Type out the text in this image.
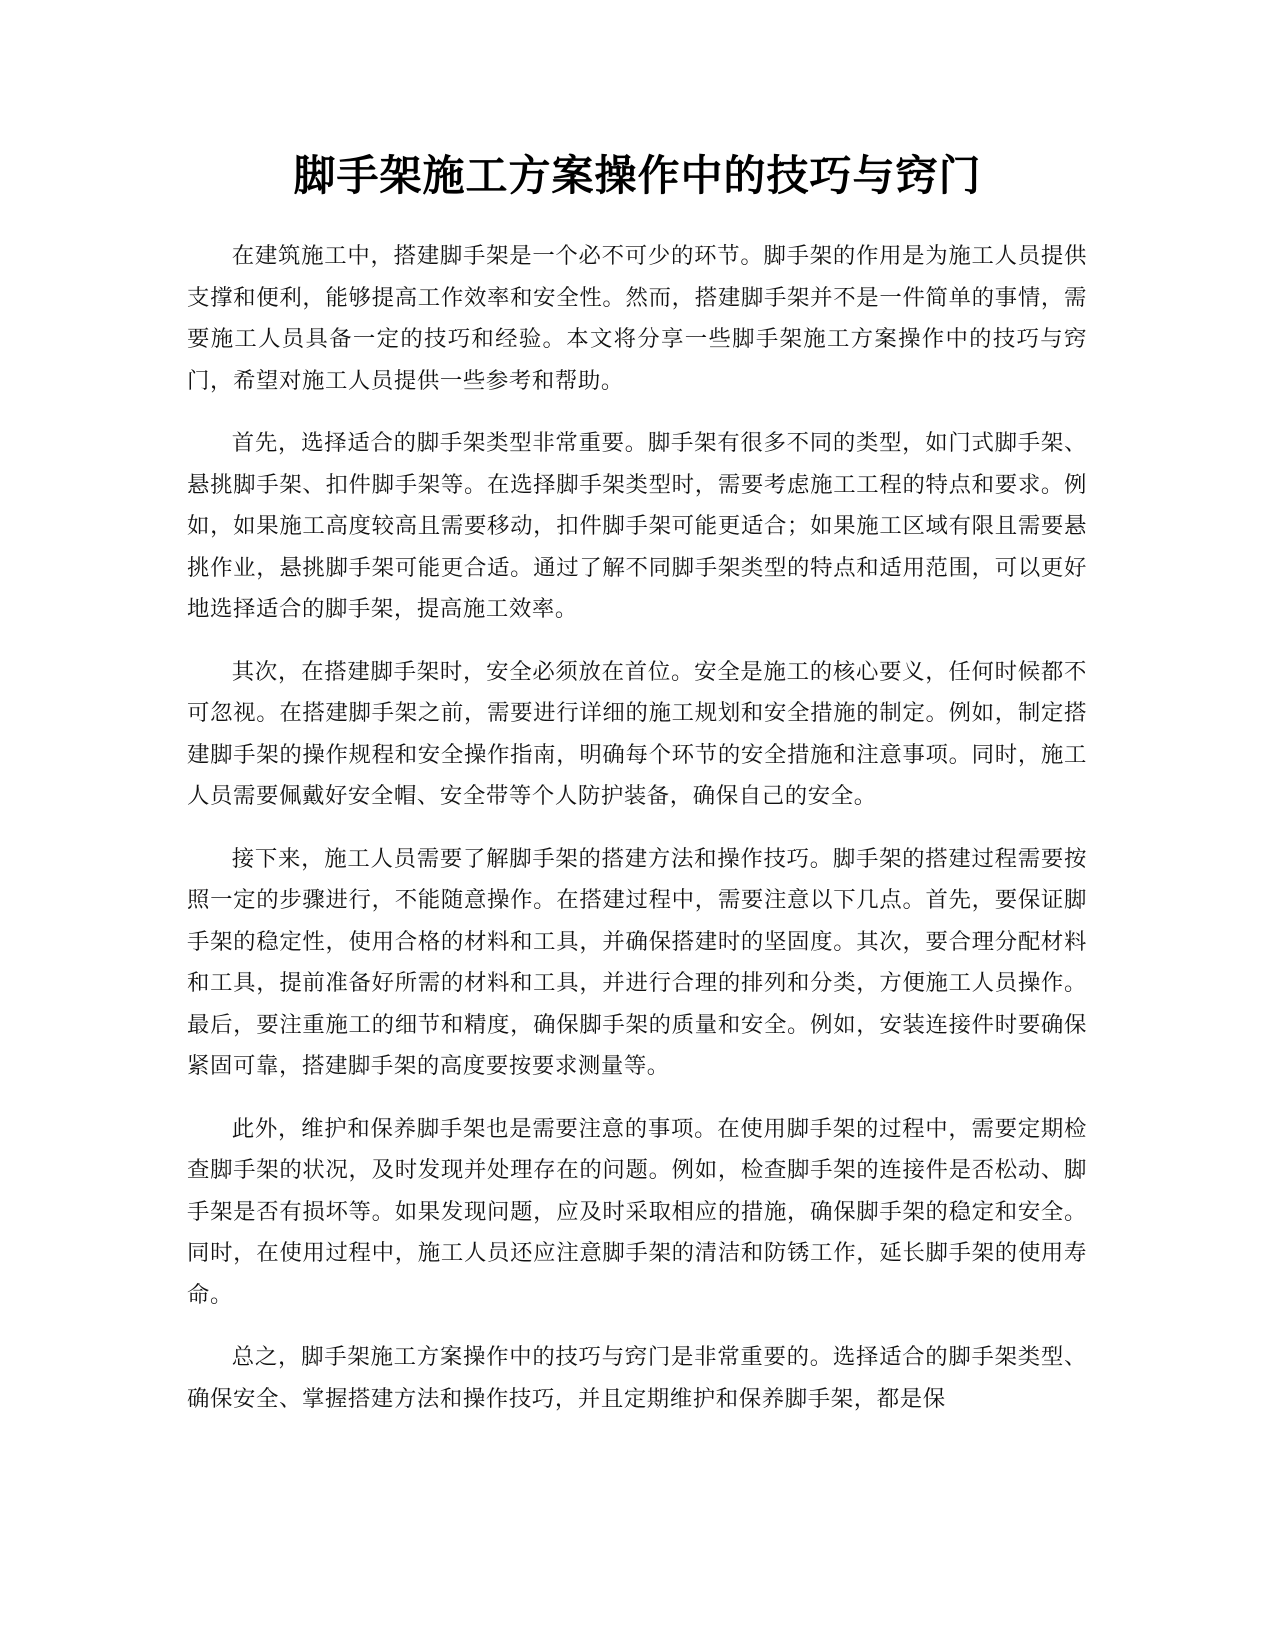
脚手架施工方案操作中的技巧与窍门

在建筑施工中，搭建脚手架是一个必不可少的环节。脚手架的作用是为施工人员提供支撑和便利，能够提高工作效率和安全性。然而，搭建脚手架并不是一件简单的事情，需要施工人员具备一定的技巧和经验。本文将分享一些脚手架施工方案操作中的技巧与窍门，希望对施工人员提供一些参考和帮助。

首先，选择适合的脚手架类型非常重要。脚手架有很多不同的类型，如门式脚手架、悬挑脚手架、扣件脚手架等。在选择脚手架类型时，需要考虑施工工程的特点和要求。例如，如果施工高度较高且需要移动，扣件脚手架可能更适合；如果施工区域有限且需要悬挑作业，悬挑脚手架可能更合适。通过了解不同脚手架类型的特点和适用范围，可以更好地选择适合的脚手架，提高施工效率。

其次，在搭建脚手架时，安全必须放在首位。安全是施工的核心要义，任何时候都不可忽视。在搭建脚手架之前，需要进行详细的施工规划和安全措施的制定。例如，制定搭建脚手架的操作规程和安全操作指南，明确每个环节的安全措施和注意事项。同时，施工人员需要佩戴好安全帽、安全带等个人防护装备，确保自己的安全。

接下来，施工人员需要了解脚手架的搭建方法和操作技巧。脚手架的搭建过程需要按照一定的步骤进行，不能随意操作。在搭建过程中，需要注意以下几点。首先，要保证脚手架的稳定性，使用合格的材料和工具，并确保搭建时的坚固度。其次，要合理分配材料和工具，提前准备好所需的材料和工具，并进行合理的排列和分类，方便施工人员操作。最后，要注重施工的细节和精度，确保脚手架的质量和安全。例如，安装连接件时要确保紧固可靠，搭建脚手架的高度要按要求测量等。

此外，维护和保养脚手架也是需要注意的事项。在使用脚手架的过程中，需要定期检查脚手架的状况，及时发现并处理存在的问题。例如，检查脚手架的连接件是否松动、脚手架是否有损坏等。如果发现问题，应及时采取相应的措施，确保脚手架的稳定和安全。同时，在使用过程中，施工人员还应注意脚手架的清洁和防锈工作，延长脚手架的使用寿命。

总之，脚手架施工方案操作中的技巧与窍门是非常重要的。选择适合的脚手架类型、确保安全、掌握搭建方法和操作技巧，并且定期维护和保养脚手架，都是保
